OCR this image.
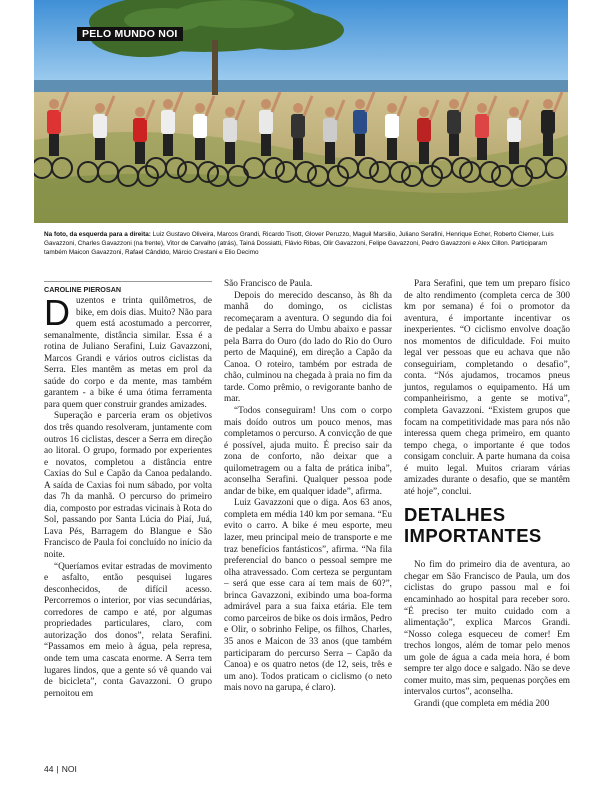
PELO MUNDO NOI
Na foto, da esquerda para a direita: Luiz Gustavo Oliveira, Marcos Grandi, Ricardo Tisott, Glover Peruzzo, Maguil Marsilio, Juliano Serafini, Henrique Echer, Roberto Clemer, Luis Gavazzoni, Charles Gavazzoni (na frente), Vitor de Carvalho (atrás), Tainá Dossiatti, Flávio Ribas, Olir Gavazzoni, Felipe Gavazzoni, Pedro Gavazzoni e Alex Cillon. Participaram também Maicon Gavazzoni, Rafael Cândido, Márcio Crestani e Elio Decimo
CAROLINE PIEROSAN

Duzentos e trinta quilômetros, de bike, em dois dias. Muito? Não para quem está acostumado a percorrer, semanalmente, distância similar. Essa é a rotina de Juliano Serafini, Luiz Gavazzoni, Marcos Grandi e vários outros ciclistas da Serra. Eles mantêm as metas em prol da saúde do corpo e da mente, mas também garantem - a bike é uma ótima ferramenta para quem quer construir grandes amizades.

Superação e parceria eram os objetivos dos três quando resolveram, juntamente com outros 16 ciclistas, descer a Serra em direção ao litoral. O grupo, formado por experientes e novatos, completou a distância entre Caxias do Sul e Capão da Canoa pedalando. A saída de Caxias foi num sábado, por volta das 7h da manhã. O percurso do primeiro dia, composto por estradas vicinais à Rota do Sol, passando por Santa Lúcia do Piaí, Juá, Lava Pés, Barragem do Blangue e São Francisco de Paula foi concluído no início da noite.

“Queríamos evitar estradas de movimento e asfalto, então pesquisei lugares desconhecidos, de difícil acesso. Percorremos o interior, por vias secundárias, corredores de campo e até, por algumas propriedades particulares, claro, com autorização dos donos”, relata Serafini. “Passamos em meio à água, pela represa, onde tem uma cascata enorme. A Serra tem lugares lindos, que a gente só vê quando vai de bicicleta”, conta Gavazzoni. O grupo pernoitou em

São Francisco de Paula.

Depois do merecido descanso, às 8h da manhã do domingo, os ciclistas recomeçaram a aventura. O segundo dia foi de pedalar a Serra do Umbu abaixo e passar pela Barra do Ouro (do lado do Rio do Ouro perto de Maquiné), em direção a Capão da Canoa. O roteiro, também por estrada de chão, culminou na chegada à praia no fim da tarde. Como prêmio, o revigorante banho de mar.

“Todos conseguiram! Uns com o corpo mais doído outros um pouco menos, mas completamos o percurso. A convicção de que é possível, ajuda muito. É preciso sair da zona de conforto, não deixar que a quilometragem ou a falta de prática iniba”, aconselha Serafini. Qualquer pessoa pode andar de bike, em qualquer idade”, afirma.

Luiz Gavazzoni que o diga. Aos 63 anos, completa em média 140 km por semana. “Eu evito o carro. A bike é meu esporte, meu lazer, meu principal meio de transporte e me traz benefícios fantásticos”, afirma. “Na fila preferencial do banco o pessoal sempre me olha atravessado. Com certeza se perguntam – será que esse cara aí tem mais de 60?”, brinca Gavazzoni, exibindo uma boa-forma admirável para a sua faixa etária. Ele tem como parceiros de bike os dois irmãos, Pedro e Olir, o sobrinho Felipe, os filhos, Charles, 35 anos e Maicon de 33 anos (que também participaram do percurso Serra – Capão da Canoa) e os quatro netos (de 12, seis, três e um ano). Todos praticam o ciclismo (o neto mais novo na garupa, é claro).

Para Serafini, que tem um preparo físico de alto rendimento (completa cerca de 300 km por semana) é foi o promotor da aventura, é importante incentivar os inexperientes. “O ciclismo envolve doação nos momentos de dificuldade. Foi muito legal ver pessoas que eu achava que não conseguiriam, completando o desafio”, conta. “Nós ajudamos, trocamos pneus juntos, regulamos o equipamento. Há um companheirismo, a gente se motiva”, completa Gavazzoni. “Existem grupos que focam na competitividade mas para nós não interessa quem chega primeiro, em quanto tempo chega, o importante é que todos consigam concluir. A parte humana da coisa é muito legal. Muitos criaram várias amizades durante o desafio, que se mantêm até hoje”, conclui.

DETALHES IMPORTANTES

No fim do primeiro dia de aventura, ao chegar em São Francisco de Paula, um dos ciclistas do grupo passou mal e foi encaminhado ao hospital para receber soro. “É preciso ter muito cuidado com a alimentação”, explica Marcos Grandi. “Nosso colega esqueceu de comer! Em trechos longos, além de tomar pelo menos um gole de água a cada meia hora, é bom sempre ter algo doce e salgado. Não se deve comer muito, mas sim, pequenas porções em intervalos curtos”, aconselha.

Grandi (que completa em média 200

44 | NOI
